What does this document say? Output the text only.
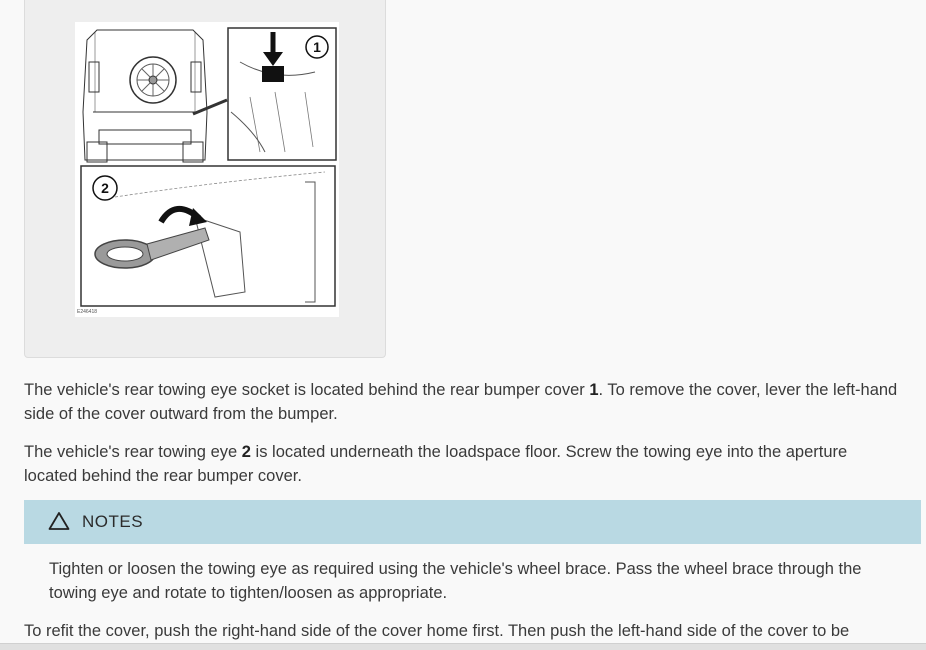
1
2
E246418

The vehicle's rear towing eye socket is located behind the rear bumper cover 1. To remove the cover, lever the left-hand side of the cover outward from the bumper.

The vehicle's rear towing eye 2 is located underneath the loadspace floor. Screw the towing eye into the aperture located behind the rear bumper cover.

NOTES

Tighten or loosen the towing eye as required using the vehicle's wheel brace. Pass the wheel brace through the towing eye and rotate to tighten/loosen as appropriate.

To refit the cover, push the right-hand side of the cover home first. Then push the left-hand side of the cover to be
